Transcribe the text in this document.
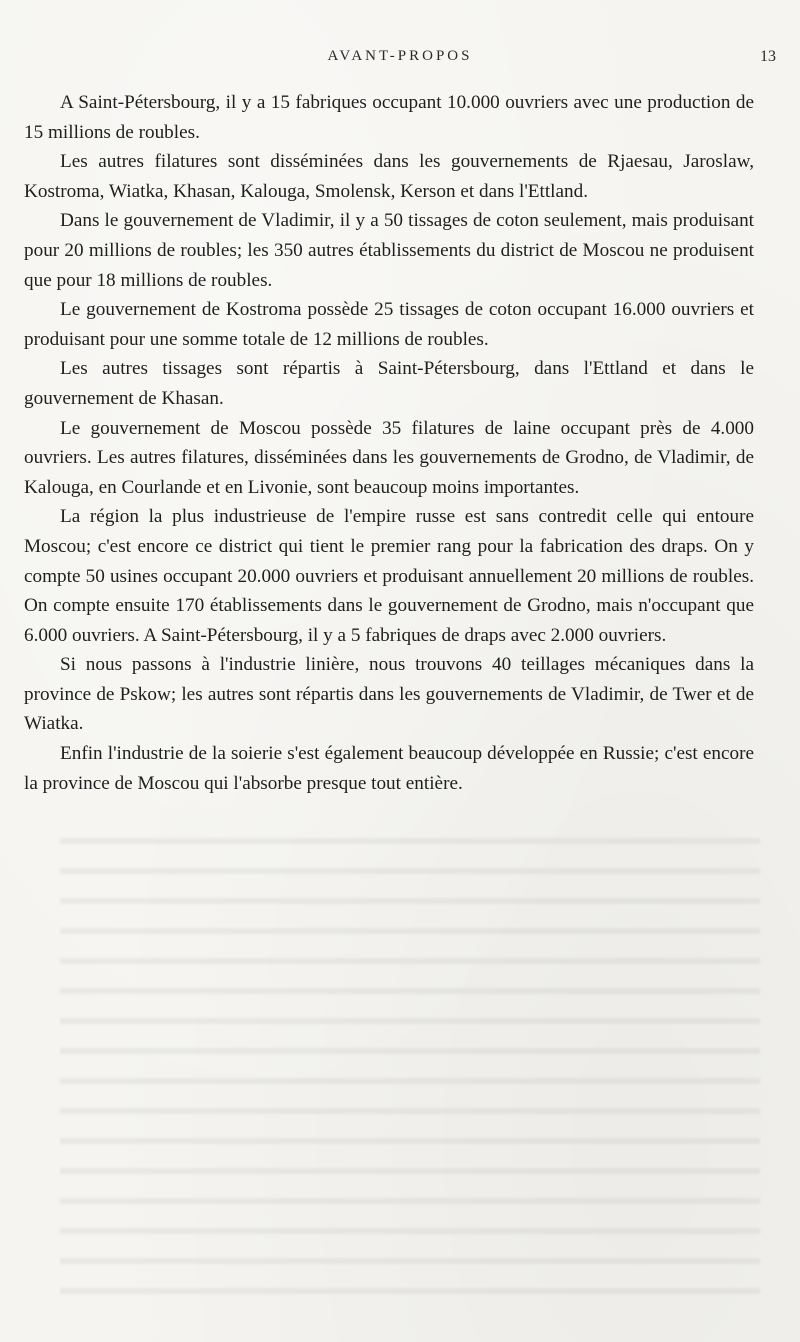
AVANT-PROPOS	13

A Saint-Pétersbourg, il y a 15 fabriques occupant 10.000 ouvriers avec une production de 15 millions de roubles.

Les autres filatures sont disséminées dans les gouvernements de Rjaesau, Jaroslaw, Kostroma, Wiatka, Khasan, Kalouga, Smolensk, Kerson et dans l'Ettland.

Dans le gouvernement de Vladimir, il y a 50 tissages de coton seulement, mais produisant pour 20 millions de roubles; les 350 autres établissements du district de Moscou ne produisent que pour 18 millions de roubles.

Le gouvernement de Kostroma possède 25 tissages de coton occupant 16.000 ouvriers et produisant pour une somme totale de 12 millions de roubles.

Les autres tissages sont répartis à Saint-Pétersbourg, dans l'Ettland et dans le gouvernement de Khasan.

Le gouvernement de Moscou possède 35 filatures de laine occupant près de 4.000 ouvriers. Les autres filatures, disséminées dans les gouvernements de Grodno, de Vladimir, de Kalouga, en Courlande et en Livonie, sont beaucoup moins importantes.

La région la plus industrieuse de l'empire russe est sans contredit celle qui entoure Moscou; c'est encore ce district qui tient le premier rang pour la fabrication des draps. On y compte 50 usines occupant 20.000 ouvriers et produisant annuellement 20 millions de roubles. On compte ensuite 170 établissements dans le gouvernement de Grodno, mais n'occupant que 6.000 ouvriers. A Saint-Pétersbourg, il y a 5 fabriques de draps avec 2.000 ouvriers.

Si nous passons à l'industrie linière, nous trouvons 40 teillages mécaniques dans la province de Pskow; les autres sont répartis dans les gouvernements de Vladimir, de Twer et de Wiatka.

Enfin l'industrie de la soierie s'est également beaucoup développée en Russie; c'est encore la province de Moscou qui l'absorbe presque tout entière.
